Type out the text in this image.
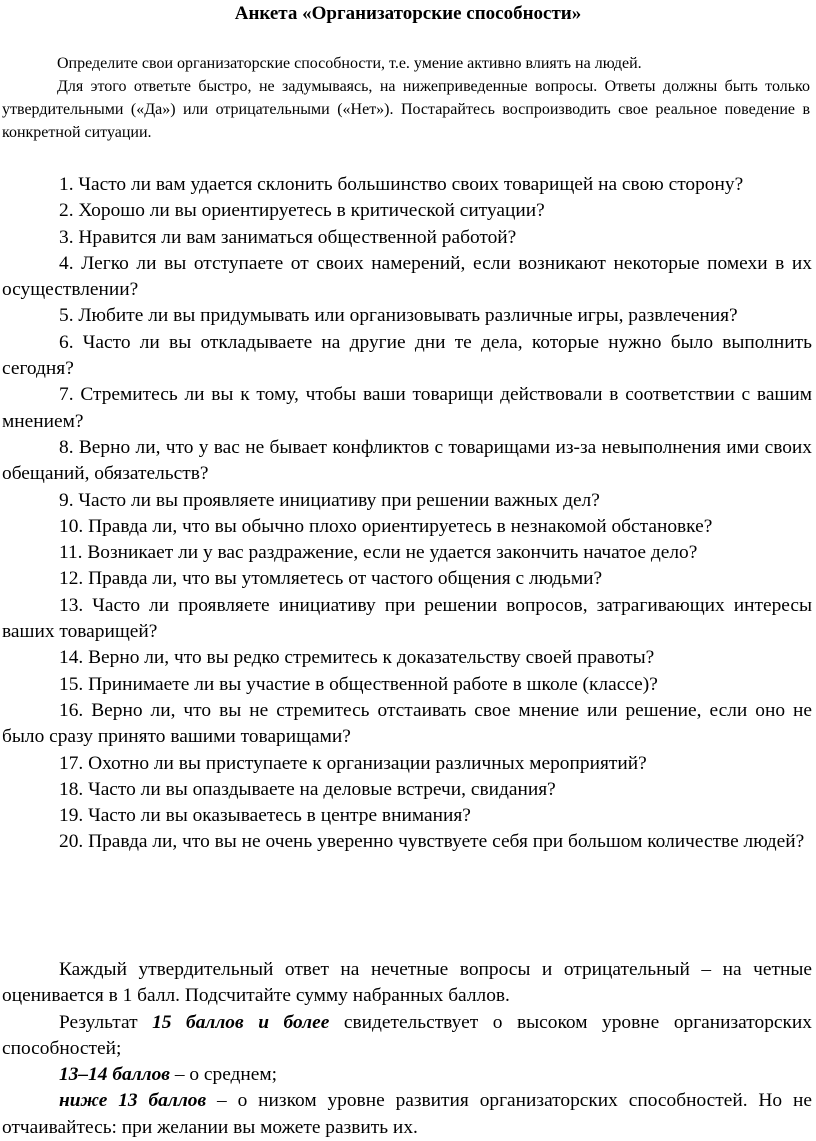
Анкета «Организаторские способности»

Определите свои организаторские способности, т.е. умение активно влиять на людей.

Для этого ответьте быстро, не задумываясь, на нижеприведенные вопросы. Ответы должны быть только утвердительными («Да») или отрицательными («Нет»). Постарайтесь воспроизводить свое реальное поведение в конкретной ситуации.

1. Часто ли вам удается склонить большинство своих товарищей на свою сторону?
2. Хорошо ли вы ориентируетесь в критической ситуации?
3. Нравится ли вам заниматься общественной работой?
4. Легко ли вы отступаете от своих намерений, если возникают некоторые помехи в их осуществлении?
5. Любите ли вы придумывать или организовывать различные игры, развлечения?
6. Часто ли вы откладываете на другие дни те дела, которые нужно было выполнить сегодня?
7. Стремитесь ли вы к тому, чтобы ваши товарищи действовали в соответствии с вашим мнением?
8. Верно ли, что у вас не бывает конфликтов с товарищами из-за невыполнения ими своих обещаний, обязательств?
9. Часто ли вы проявляете инициативу при решении важных дел?
10. Правда ли, что вы обычно плохо ориентируетесь в незнакомой обстановке?
11. Возникает ли у вас раздражение, если не удается закончить начатое дело?
12. Правда ли, что вы утомляетесь от частого общения с людьми?
13. Часто ли проявляете инициативу при решении вопросов, затрагивающих интересы ваших товарищей?
14. Верно ли, что вы редко стремитесь к доказательству своей правоты?
15. Принимаете ли вы участие в общественной работе в школе (классе)?
16. Верно ли, что вы не стремитесь отстаивать свое мнение или решение, если оно не было сразу принято вашими товарищами?
17. Охотно ли вы приступаете к организации различных мероприятий?
18. Часто ли вы опаздываете на деловые встречи, свидания?
19. Часто ли вы оказываетесь в центре внимания?
20. Правда ли, что вы не очень уверенно чувствуете себя при большом количестве людей?

Каждый утвердительный ответ на нечетные вопросы и отрицательный – на четные оценивается в 1 балл. Подсчитайте сумму набранных баллов.

Результат 15 баллов и более свидетельствует о высоком уровне организаторских способностей;

13–14 баллов – о среднем;

ниже 13 баллов – о низком уровне развития организаторских способностей. Но не отчаивайтесь: при желании вы можете развить их.
